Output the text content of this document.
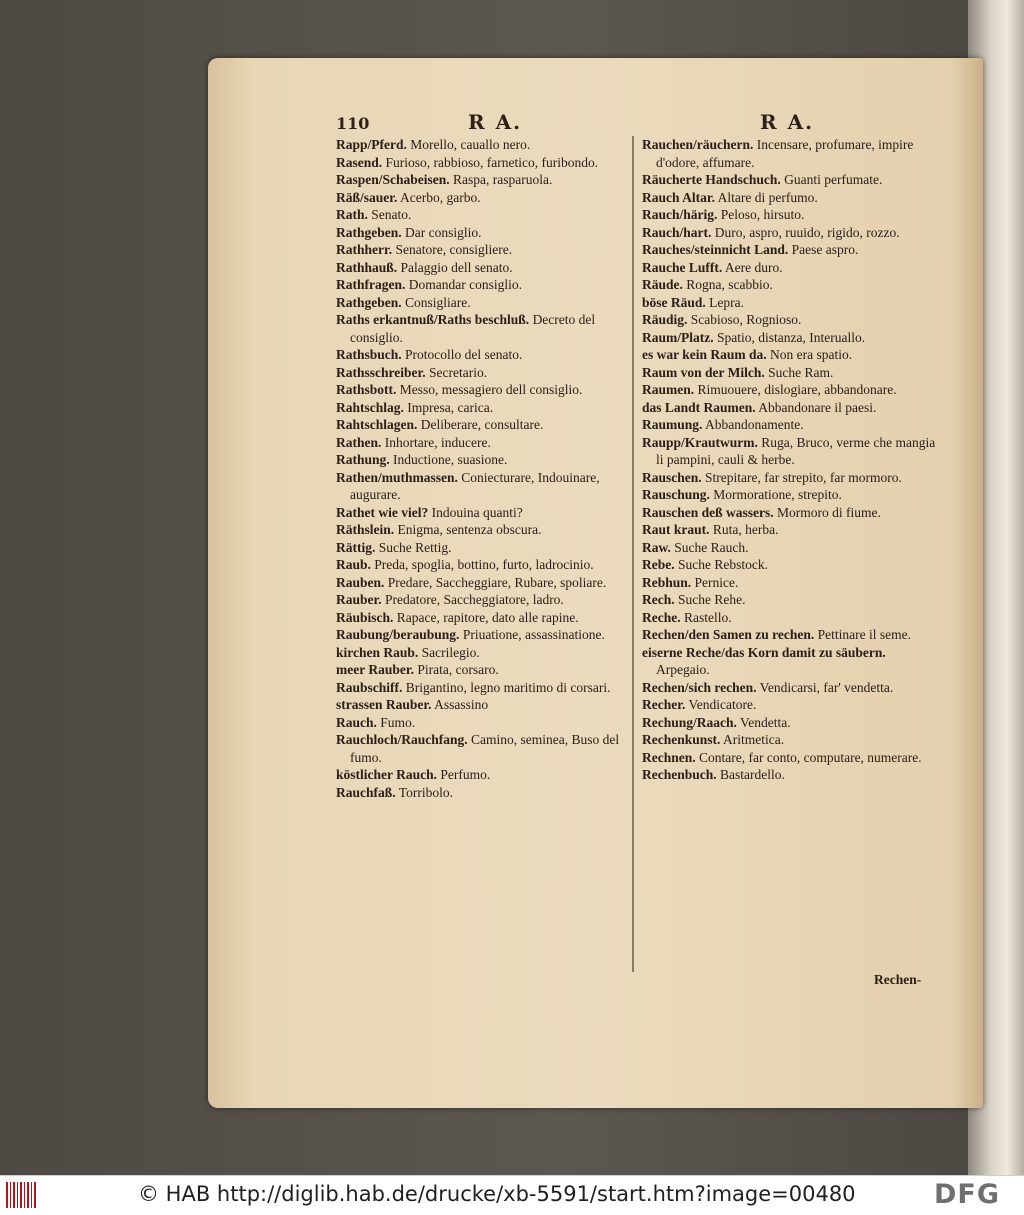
110	R A.	R A.

Rapp/Pferd. Morello, cauallo nero.

Rasend. Furioso, rabbioso, farnetico, furibondo.

Raspen/Schabeisen. Raspa, rasparuola.

Räß/sauer. Acerbo, garbo.

Rath. Senato.

Rathgeben. Dar consiglio.

Rathherr. Senatore, consigliere.

Rathhauß. Palaggio dell senato.

Rathfragen. Domandar consiglio.

Rathgeben. Consigliare.

Raths erkantnuß/Raths beschluß. Decreto del consiglio.

Rathsbuch. Protocollo del senato.

Rathsschreiber. Secretario.

Rathsbott. Messo, messagiero dell consiglio.

Rahtschlag. Impresa, carica.

Rahtschlagen. Deliberare, consultare.

Rathen. Inhortare, inducere.

Rathung. Inductione, suasione.

Rathen/muthmassen. Coniecturare, Indouinare, augurare.

Rathet wie viel? Indouina quanti?

Räthslein. Enigma, sentenza obscura.

Rättig. Suche Rettig.

Raub. Preda, spoglia, bottino, furto, ladrocinio.

Rauben. Predare, Saccheggiare, Rubare, spoliare.

Rauber. Predatore, Saccheggiatore, ladro.

Räubisch. Rapace, rapitore, dato alle rapine.

Raubung/beraubung. Priuatione, assassinatione.

kirchen Raub. Sacrilegio.

meer Rauber. Pirata, corsaro.

Raubschiff. Brigantino, legno maritimo di corsari.

strassen Rauber. Assassino

Rauch. Fumo.

Rauchloch/Rauchfang. Camino, seminea, Buso del fumo.

köstlicher Rauch. Perfumo.

Rauchfaß. Torribolo.

Rauchen/räuchern. Incensare, profumare, impire d'odore, affumare.

Räucherte Handschuch. Guanti perfumate.

Rauch Altar. Altare di perfumo.

Rauch/härig. Peloso, hirsuto.

Rauch/hart. Duro, aspro, ruuido, rigido, rozzo.

Rauches/steinnicht Land. Paese aspro.

Rauche Lufft. Aere duro.

Räude. Rogna, scabbio.

böse Räud. Lepra.

Räudig. Scabioso, Rognioso.

Raum/Platz. Spatio, distanza, Interuallo.

es war kein Raum da. Non era spatio.

Raum von der Milch. Suche Ram.

Raumen. Rimuouere, dislogiare, abbandonare.

das Landt Raumen. Abbandonare il paesi.

Raumung. Abbandonamente.

Raupp/Krautwurm. Ruga, Bruco, verme che mangia li pampini, cauli & herbe.

Rauschen. Strepitare, far strepito, far mormoro.

Rauschung. Mormoratione, strepito.

Rauschen deß wassers. Mormoro di fiume.

Raut kraut. Ruta, herba.

Raw. Suche Rauch.

Rebe. Suche Rebstock.

Rebhun. Pernice.

Rech. Suche Rehe.

Reche. Rastello.

Rechen/den Samen zu rechen. Pettinare il seme.

eiserne Reche/das Korn damit zu säubern. Arpegaio.

Rechen/sich rechen. Vendicarsi, far' vendetta.

Recher. Vendicatore.

Rechung/Raach. Vendetta.

Rechenkunst. Aritmetica.

Rechnen. Contare, far conto, computare, numerare.

Rechenbuch. Bastardello.

Rechen-
© HAB http://diglib.hab.de/drucke/xb-5591/start.htm?image=00480	DFG
